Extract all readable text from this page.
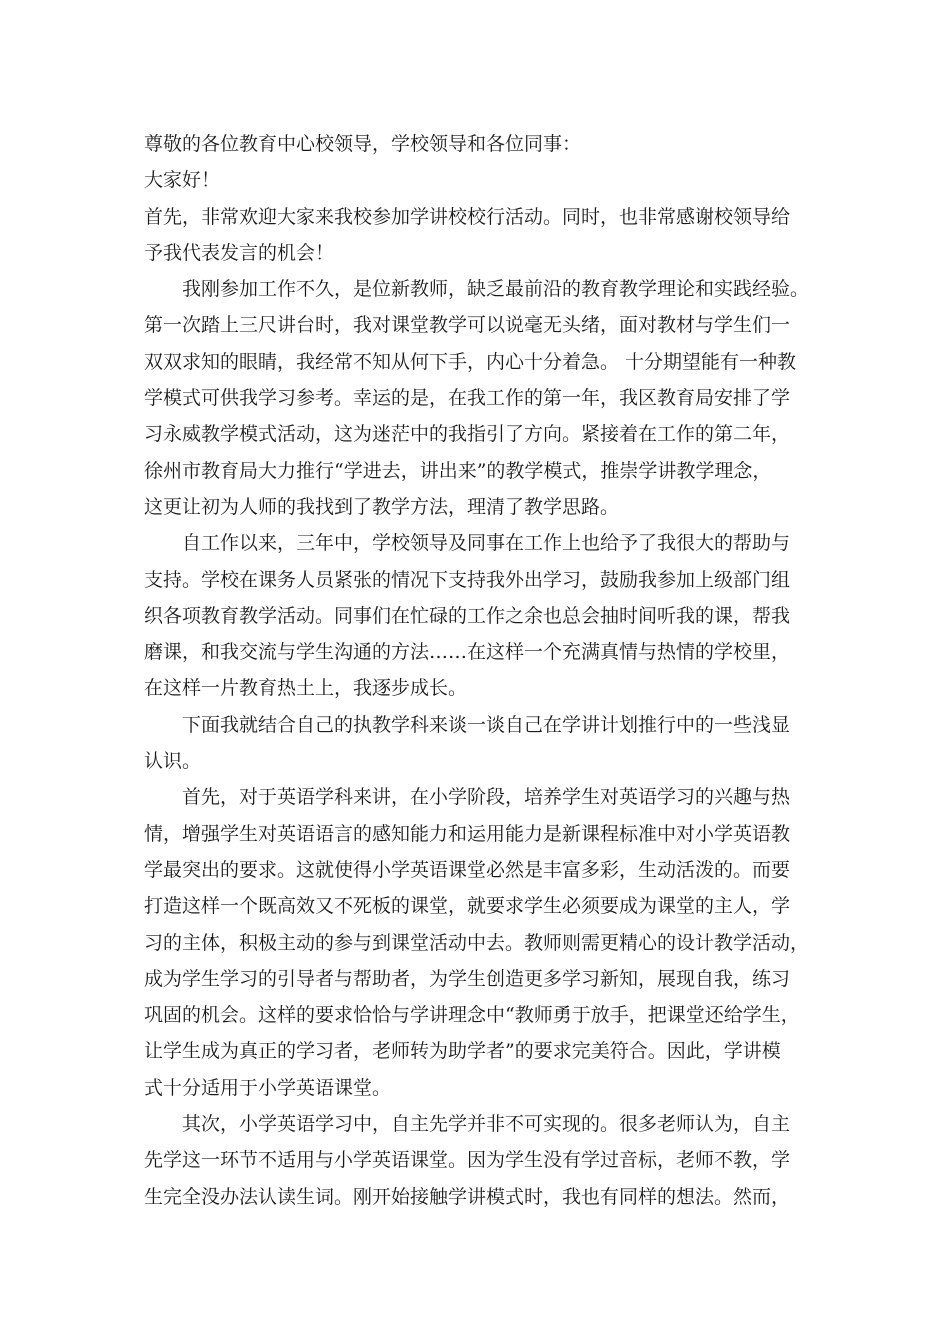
尊敬的各位教育中心校领导，学校领导和各位同事：
大家好！
首先，非常欢迎大家来我校参加学讲校校行活动。同时，也非常感谢校领导给
予我代表发言的机会！
我刚参加工作不久，是位新教师，缺乏最前沿的教育教学理论和实践经验。
第一次踏上三尺讲台时，我对课堂教学可以说毫无头绪，面对教材与学生们一
双双求知的眼睛，我经常不知从何下手，内心十分着急。 十分期望能有一种教
学模式可供我学习参考。幸运的是，在我工作的第一年，我区教育局安排了学
习永威教学模式活动，这为迷茫中的我指引了方向。紧接着在工作的第二年，
徐州市教育局大力推行“学进去，讲出来”的教学模式，推崇学讲教学理念，
这更让初为人师的我找到了教学方法，理清了教学思路。
自工作以来，三年中，学校领导及同事在工作上也给予了我很大的帮助与
支持。学校在课务人员紧张的情况下支持我外出学习，鼓励我参加上级部门组
织各项教育教学活动。同事们在忙碌的工作之余也总会抽时间听我的课，帮我
磨课，和我交流与学生沟通的方法……在这样一个充满真情与热情的学校里，
在这样一片教育热土上，我逐步成长。
下面我就结合自己的执教学科来谈一谈自己在学讲计划推行中的一些浅显
认识。
首先，对于英语学科来讲，在小学阶段，培养学生对英语学习的兴趣与热
情，增强学生对英语语言的感知能力和运用能力是新课程标准中对小学英语教
学最突出的要求。这就使得小学英语课堂必然是丰富多彩，生动活泼的。而要
打造这样一个既高效又不死板的课堂，就要求学生必须要成为课堂的主人，学
习的主体，积极主动的参与到课堂活动中去。教师则需更精心的设计教学活动，
成为学生学习的引导者与帮助者，为学生创造更多学习新知，展现自我，练习
巩固的机会。这样的要求恰恰与学讲理念中“教师勇于放手，把课堂还给学生，
让学生成为真正的学习者，老师转为助学者”的要求完美符合。因此，学讲模
式十分适用于小学英语课堂。
其次，小学英语学习中，自主先学并非不可实现的。很多老师认为，自主
先学这一环节不适用与小学英语课堂。因为学生没有学过音标，老师不教，学
生完全没办法认读生词。刚开始接触学讲模式时，我也有同样的想法。然而，
